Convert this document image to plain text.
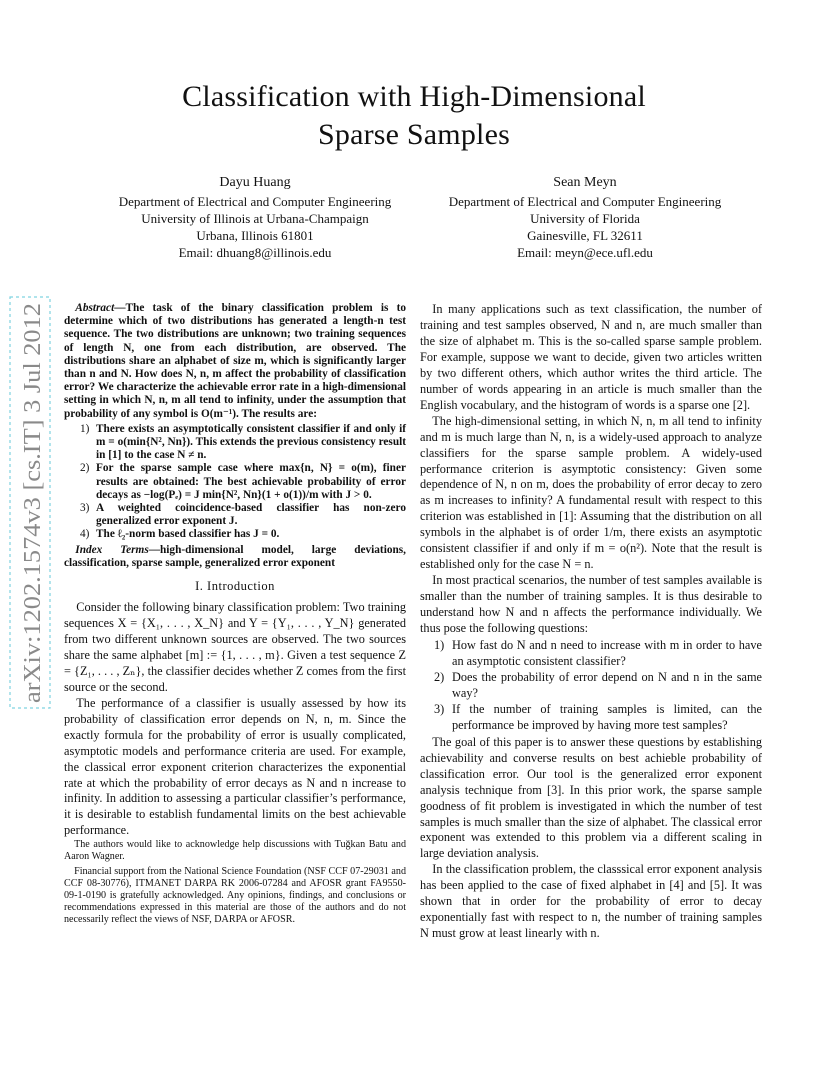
Classification with High-Dimensional
Sparse Samples
Dayu Huang
Department of Electrical and Computer Engineering
University of Illinois at Urbana-Champaign
Urbana, Illinois 61801
Email: dhuang8@illinois.edu
Sean Meyn
Department of Electrical and Computer Engineering
University of Florida
Gainesville, FL 32611
Email: meyn@ece.ufl.edu
arXiv:1202.1574v3 [cs.IT] 3 Jul 2012

Abstract—The task of the binary classification problem is to determine which of two distributions has generated a length-n test sequence. The two distributions are unknown; two training sequences of length N, one from each distribution, are observed. The distributions share an alphabet of size m, which is significantly larger than n and N. How does N, n, m affect the probability of classification error? We characterize the achievable error rate in a high-dimensional setting in which N, n, m all tend to infinity, under the assumption that probability of any symbol is O(m⁻¹). The results are:

1) There exists an asymptotically consistent classifier if and only if m = o(min{N², Nn}). This extends the previous consistency result in [1] to the case N ≠ n.
2) For the sparse sample case where max{n, N} = o(m), finer results are obtained: The best achievable probability of error decays as −log(Pₑ) = J min{N², Nn}(1 + o(1))/m with J > 0.
3) A weighted coincidence-based classifier has non-zero generalized error exponent J.
4) The ℓ₂-norm based classifier has J = 0.

Index Terms—high-dimensional model, large deviations, classification, sparse sample, generalized error exponent

I. Introduction

Consider the following binary classification problem: Two training sequences X = {X₁, . . . , X_N} and Y = {Y₁, . . . , Y_N} generated from two different unknown sources are observed. The two sources share the same alphabet [m] := {1, . . . , m}. Given a test sequence Z = {Z₁, . . . , Zₙ}, the classifier decides whether Z comes from the first source or the second.

The performance of a classifier is usually assessed by how its probability of classification error depends on N, n, m. Since the exactly formula for the probability of error is usually complicated, asymptotic models and performance criteria are used. For example, the classical error exponent criterion characterizes the exponential rate at which the probability of error decays as N and n increase to infinity. In addition to assessing a particular classifier’s performance, it is desirable to establish fundamental limits on the best achievable performance.

The authors would like to acknowledge help discussions with Tuğkan Batu and Aaron Wagner.

Financial support from the National Science Foundation (NSF CCF 07-29031 and CCF 08-30776), ITMANET DARPA RK 2006-07284 and AFOSR grant FA9550-09-1-0190 is gratefully acknowledged. Any opinions, findings, and conclusions or recommendations expressed in this material are those of the authors and do not necessarily reflect the views of NSF, DARPA or AFOSR.

In many applications such as text classification, the number of training and test samples observed, N and n, are much smaller than the size of alphabet m. This is the so-called sparse sample problem. For example, suppose we want to decide, given two articles written by two different others, which author writes the third article. The number of words appearing in an article is much smaller than the English vocabulary, and the histogram of words is a sparse one [2].

The high-dimensional setting, in which N, n, m all tend to infinity and m is much large than N, n, is a widely-used approach to analyze classifiers for the sparse sample problem. A widely-used performance criterion is asymptotic consistency: Given some dependence of N, n on m, does the probability of error decay to zero as m increases to infinity? A fundamental result with respect to this criterion was established in [1]: Assuming that the distribution on all symbols in the alphabet is of order 1/m, there exists an asymptotic consistent classifier if and only if m = o(n²). Note that the result is established only for the case N = n.

In most practical scenarios, the number of test samples available is smaller than the number of training samples. It is thus desirable to understand how N and n affects the performance individually. We thus pose the following questions:

1) How fast do N and n need to increase with m in order to have an asymptotic consistent classifier?
2) Does the probability of error depend on N and n in the same way?
3) If the number of training samples is limited, can the performance be improved by having more test samples?

The goal of this paper is to answer these questions by establishing achievability and converse results on best achieble probability of classification error. Our tool is the generalized error exponent analysis technique from [3]. In this prior work, the sparse sample goodness of fit problem is investigated in which the number of test samples is much smaller than the size of alphabet. The classical error exponent was extended to this problem via a different scaling in large deviation analysis.

In the classification problem, the classsical error exponent analysis has been applied to the case of fixed alphabet in [4] and [5]. It was shown that in order for the probability of error to decay exponentially fast with respect to n, the number of training samples N must grow at least linearly with n.
